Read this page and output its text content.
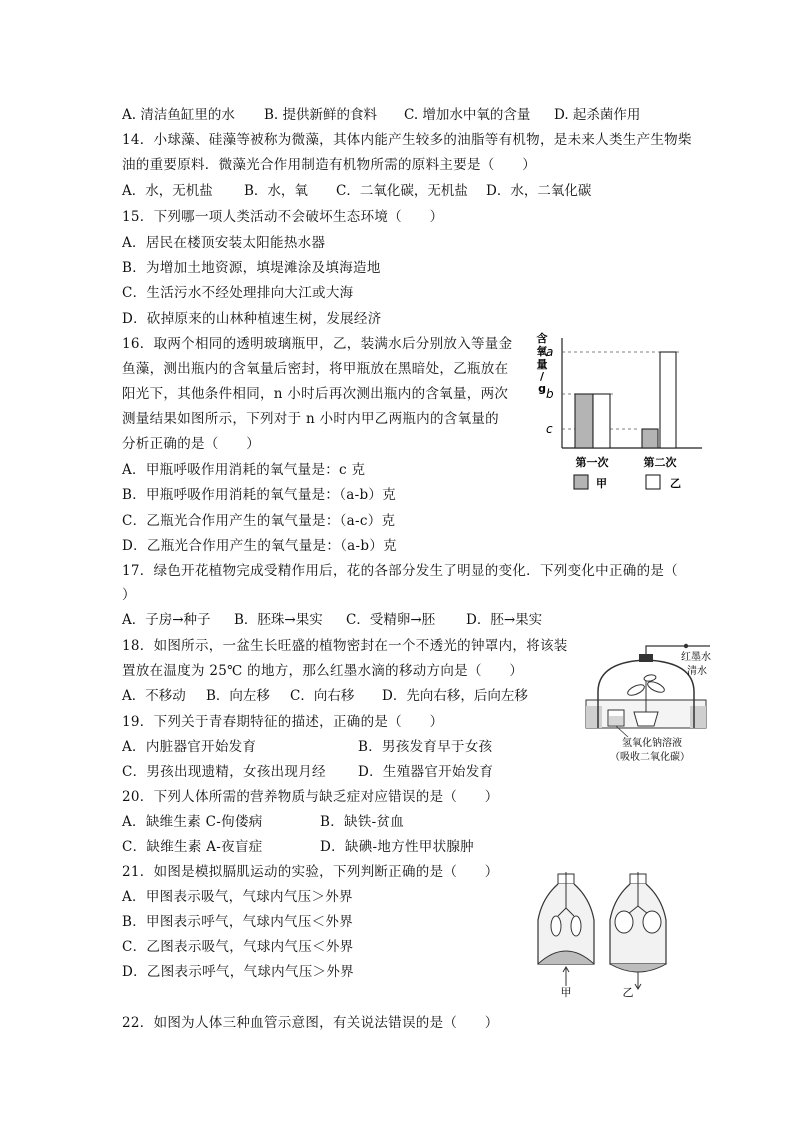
A. 清洁鱼缸里的水 B. 提供新鲜的食料 C. 增加水中氧的含量 D. 起杀菌作用
14．小球藻、硅藻等被称为微藻，其体内能产生较多的油脂等有机物，是未来人类生产生物柴
油的重要原料．微藻光合作用制造有机物所需的原料主要是（　　）
A．水，无机盐 B．水，氧 C．二氧化碳，无机盐 D．水，二氧化碳
15．下列哪一项人类活动不会破坏生态环境（　　）
A．居民在楼顶安装太阳能热水器
B．为增加土地资源，填堤滩涂及填海造地
C．生活污水不经处理排向大江或大海
D．砍掉原来的山林种植速生树，发展经济
16．取两个相同的透明玻璃瓶甲，乙，装满水后分别放入等量金
鱼藻，测出瓶内的含氧量后密封，将甲瓶放在黑暗处，乙瓶放在
阳光下，其他条件相同，n 小时后再次测出瓶内的含氧量，两次
测量结果如图所示，下列对于 n 小时内甲乙两瓶内的含氧量的
分析正确的是（　　）
A．甲瓶呼吸作用消耗的氧气量是：c 克
B．甲瓶呼吸作用消耗的氧气量是：（a-b）克
C．乙瓶光合作用产生的氧气量是：（a-c）克
D．乙瓶光合作用产生的氧气量是：（a-b）克
含
氧
量
/
g
a
b
c
第一次	第二次
甲	乙
17．绿色开花植物完成受精作用后，花的各部分发生了明显的变化．下列变化中正确的是（
）
A．子房→种子 B．胚珠→果实 C．受精卵→胚 D．胚→果实
18．如图所示，一盆生长旺盛的植物密封在一个不透光的钟罩内，将该装
置放在温度为 25℃ 的地方，那么红墨水滴的移动方向是（　　）
A．不移动 B．向左移 C．向右移 D．先向右移，后向左移
红墨水
清水
氢氧化钠溶液
（吸收二氧化碳）
19．下列关于青春期特征的描述，正确的是（　　）
A．内脏器官开始发育	B．男孩发育早于女孩
C．男孩出现遗精，女孩出现月经 D．生殖器官开始发育
20．下列人体所需的营养物质与缺乏症对应错误的是（　　）
A．缺维生素 C-佝偻病	B．缺铁-贫血
C．缺维生素 A-夜盲症	D．缺碘-地方性甲状腺肿
21．如图是模拟膈肌运动的实验，下列判断正确的是（　　）
A．甲图表示吸气，气球内气压＞外界
B．甲图表示呼气，气球内气压＜外界
C．乙图表示吸气，气球内气压＜外界
D．乙图表示呼气，气球内气压＞外界
甲	乙
22．如图为人体三种血管示意图，有关说法错误的是（　　）
